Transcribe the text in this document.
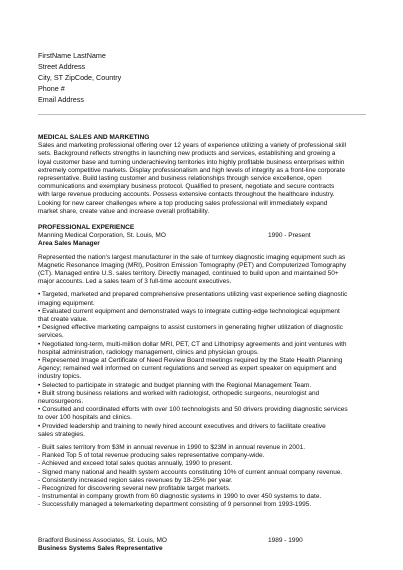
FirstName LastName
Street Address
City, ST ZipCode, Country
Phone #
Email Address
MEDICAL SALES AND MARKETING
Sales and marketing professional offering over 12 years of experience utilizing a variety of professional skill
sets. Background reflects strengths in launching new products and services, establishing and growing a
loyal customer base and turning underachieving territories into highly profitable business enterprises within
extremely competitive markets. Display professionalism and high levels of integrity as a front-line corporate
representative. Build lasting customer and business relationships through service excellence, open
communications and exemplary business protocol. Qualified to present, negotiate and secure contracts
with large revenue producing accounts. Possess extensive contacts throughout the healthcare industry.
Looking for new career challenges where a top producing sales professional will immediately expand
market share, create value and increase overall profitability.
PROFESSIONAL EXPERIENCE
Manning Medical Corporation, St. Louis, MO	1990 - Present
Area Sales Manager
Represented the nation's largest manufacturer in the sale of turnkey diagnostic imaging equipment such as
Magnetic Resonance Imaging (MRI), Positron Emission Tomography (PET) and Computerized Tomography
(CT). Managed entire U.S. sales territory. Directly managed, continued to build upon and maintained 50+
major accounts. Led a sales team of 3 full-time account executives.
• Targeted, marketed and prepared comprehensive presentations utilizing vast experience selling diagnostic
imaging equipment.
• Evaluated current equipment and demonstrated ways to integrate cutting-edge technological equipment
that create value.
• Designed effective marketing campaigns to assist customers in generating higher utilization of diagnostic
services.
• Negotiated long-term, multi-million dollar MRI, PET, CT and Lithotripsy agreements and joint ventures with
hospital administration, radiology management, clinics and physician groups.
• Represented Image at Certificate of Need Review Board meetings required by the State Health Planning
Agency; remained well informed on current regulations and served as expert speaker on equipment and
industry topics.
• Selected to participate in strategic and budget planning with the Regional Management Team.
• Built strong business relations and worked with radiologist, orthopedic surgeons, neurologist and
neurosurgeons.
• Consulted and coordinated efforts with over 100 technologists and 50 drivers providing diagnostic services
to over 100 hospitals and clinics.
• Provided leadership and training to newly hired account executives and drivers to facilitate creative
sales strategies.
- Built sales territory from $3M in annual revenue in 1990 to $23M in annual revenue in 2001.
- Ranked Top 5 of total revenue producing sales representative company-wide.
- Achieved and exceed total sales quotas annually, 1990 to present.
- Signed many national and health system accounts constituting 10% of current annual company revenue.
- Consistently increased region sales revenues by 18-25% per year.
- Recognized for discovering several new profitable target markets.
- Instrumental in company growth from 60 diagnostic systems in 1990 to over 450 systems to date.
- Successfully managed a telemarketing department consisting of 9 personnel from 1993-1995.
Bradford Business Associates, St. Louis, MO	1989 - 1990
Business Systems Sales Representative
